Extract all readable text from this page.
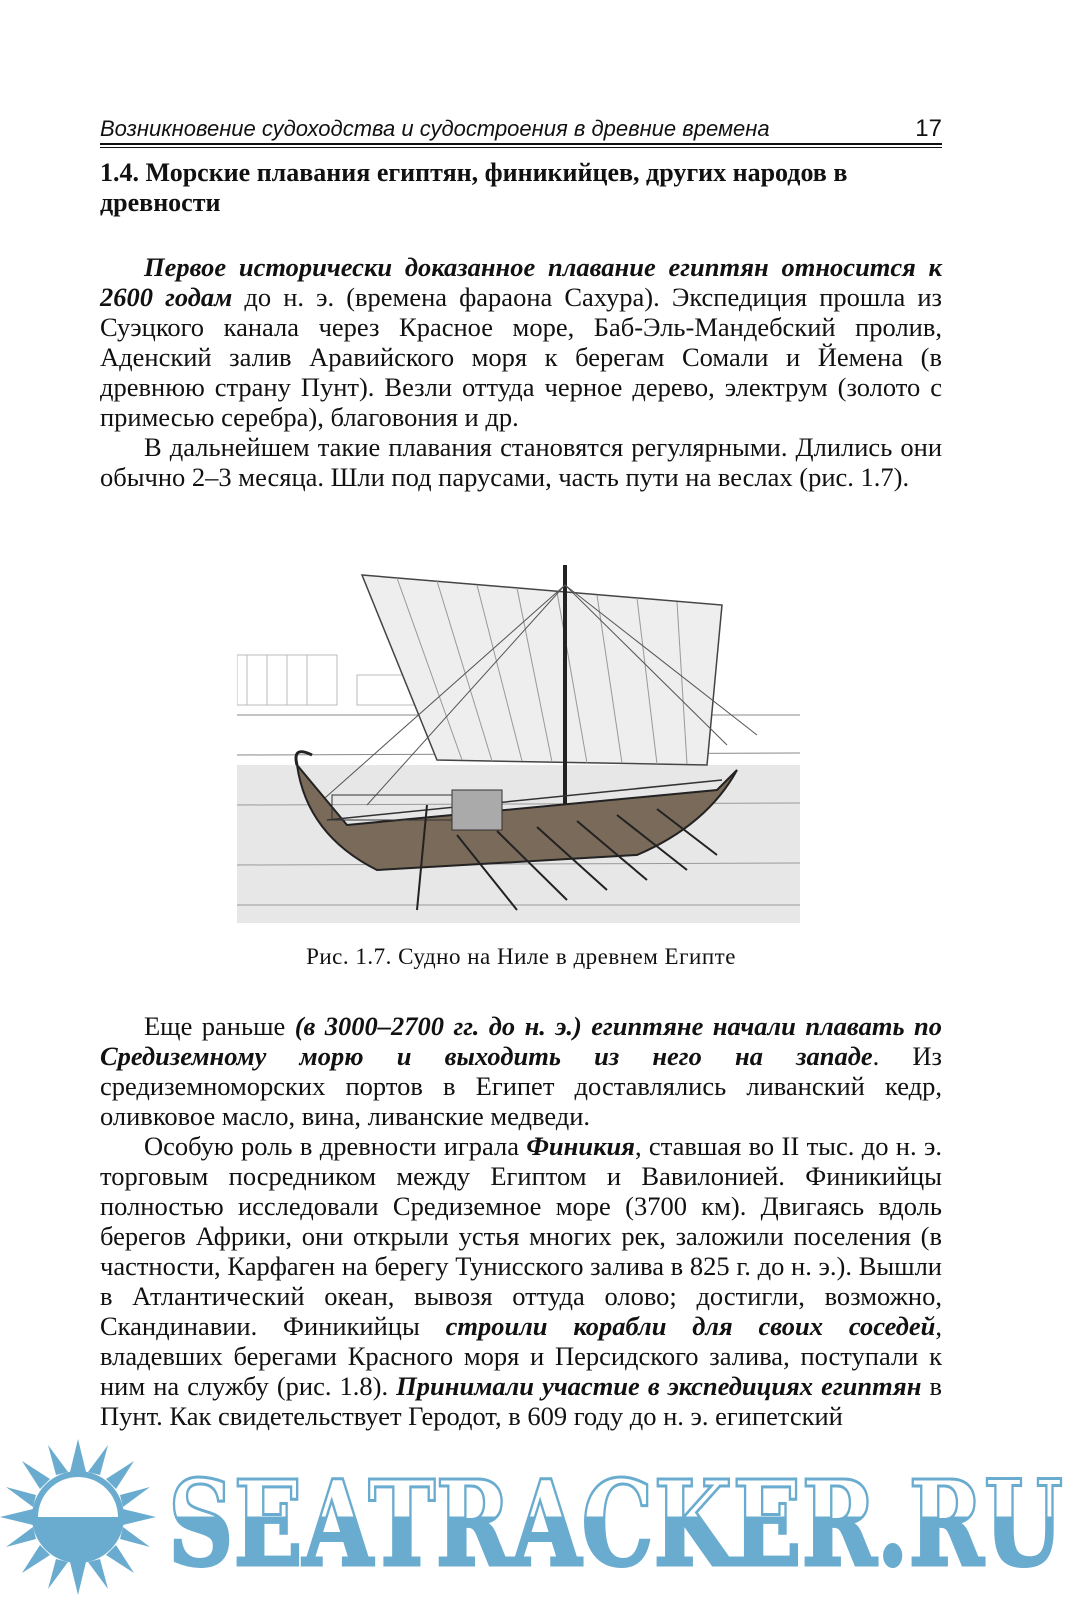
Возникновение судоходства и судостроения в древние времена	17
1.4. Морские плавания египтян, финикийцев, других народов в древности

Первое исторически доказанное плавание египтян относится к 2600 годам до н. э. (времена фараона Сахура). Экспедиция прошла из Суэцкого канала через Красное море, Баб-Эль-Мандебский пролив, Аденский залив Аравийского моря к берегам Сомали и Йемена (в древнюю страну Пунт). Везли оттуда черное дерево, электрум (золото с примесью серебра), благовония и др.

В дальнейшем такие плавания становятся регулярными. Длились они обычно 2–3 месяца. Шли под парусами, часть пути на веслах (рис. 1.7).

Рис. 1.7. Судно на Ниле в древнем Египте

Еще раньше (в 3000–2700 гг. до н. э.) египтяне начали плавать по Средиземному морю и выходить из него на западе. Из средиземноморских портов в Египет доставлялись ливанский кедр, оливковое масло, вина, ливанские медведи.

Особую роль в древности играла Финикия, ставшая во II тыс. до н. э. торговым посредником между Египтом и Вавилонией. Финикийцы полностью исследовали Средиземное море (3700 км). Двигаясь вдоль берегов Африки, они открыли устья многих рек, заложили поселения (в частности, Карфаген на берегу Тунисского залива в 825 г. до н. э.). Вышли в Атлантический океан, вывозя оттуда олово; достигли, возможно, Скандинавии. Финикийцы строили корабли для своих соседей, владевших берегами Красного моря и Персидского залива, поступали к ним на службу (рис. 1.8). Принимали участие в экспедициях египтян в Пунт. Как свидетельствует Геродот, в 609 году до н. э. египетский

SEATRACKER.RU
